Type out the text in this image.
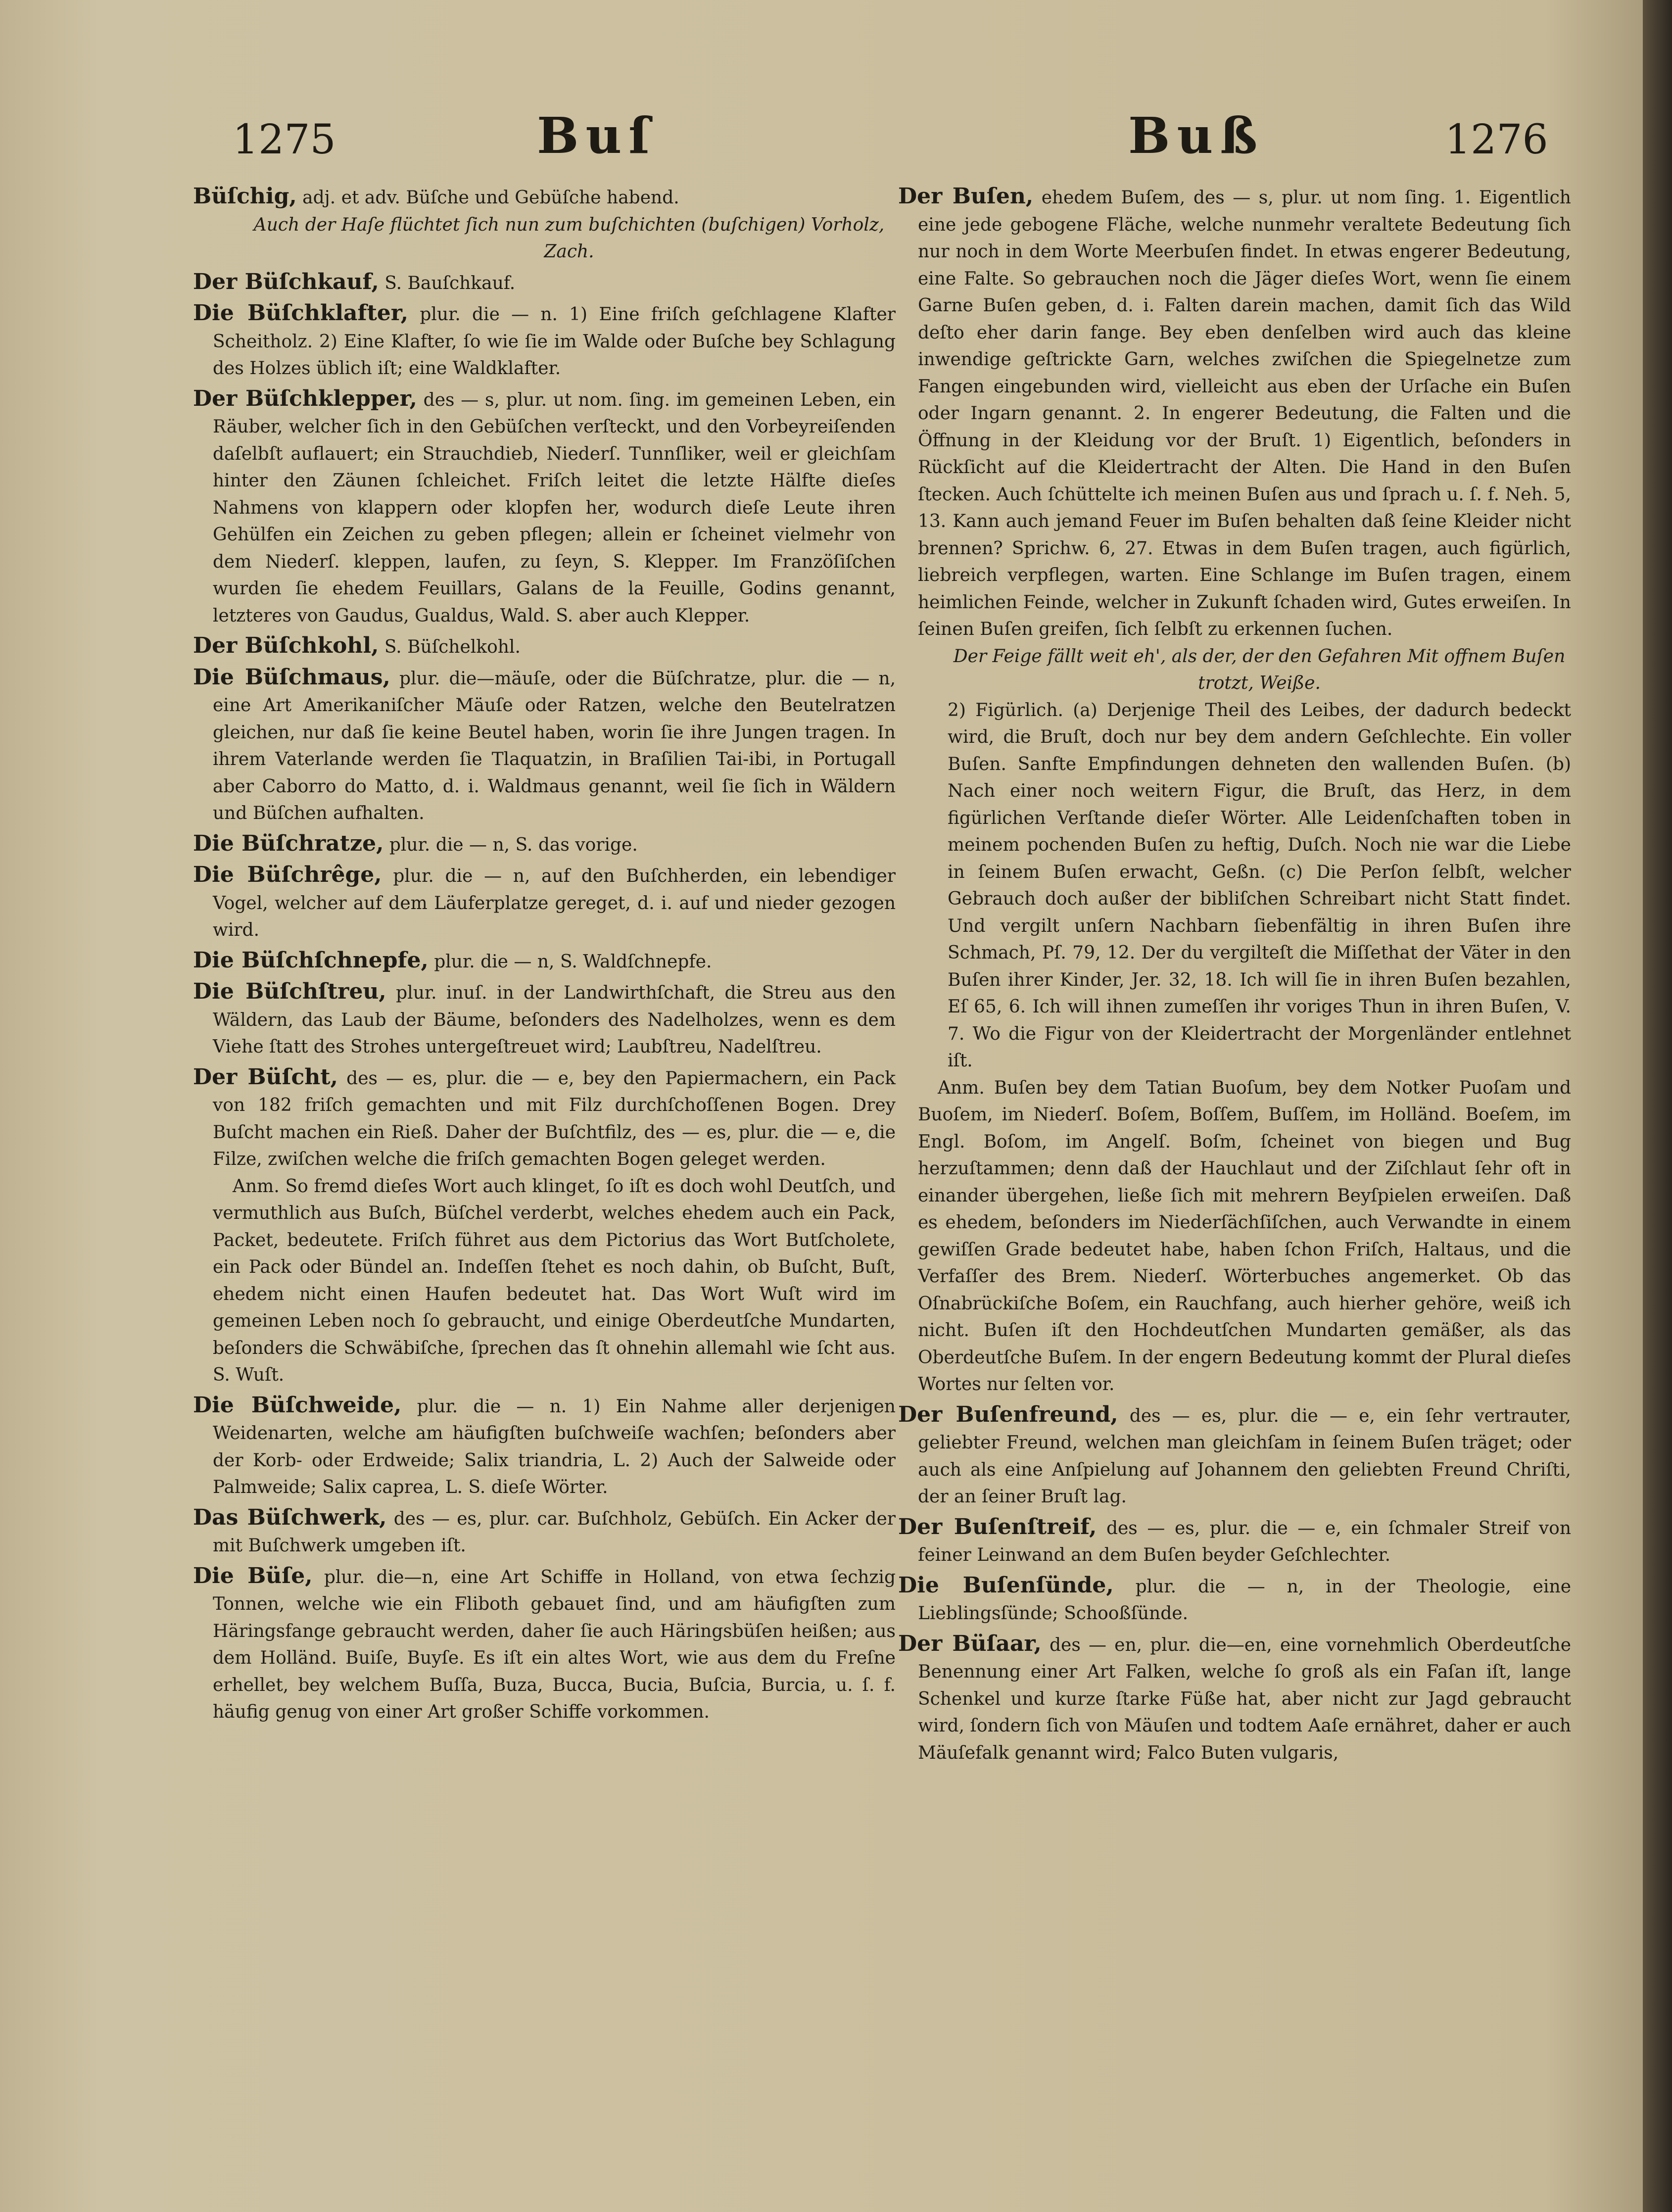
1275	Buſ	Buß	1276

Büſchig, adj. et adv. Büſche und Gebüſche habend.
Auch der Haſe flüchtet ſich nun zum buſchichten (buſchigen) Vorholz, Zach.

Der Büſchkauf, S. Bauſchkauf.

Die Büſchklafter, plur. die — n. 1) Eine friſch geſchlagene Klafter Scheitholz. 2) Eine Klafter, ſo wie ſie im Walde oder Buſche bey Schlagung des Holzes üblich iſt; eine Waldklafter.

Der Büſchklepper, des — s, plur. ut nom. ſing. im gemeinen Leben, ein Räuber, welcher ſich in den Gebüſchen verſteckt, und den Vorbeyreiſenden daſelbſt auflauert; ein Strauchdieb, Niederſ. Tunnſliker, weil er gleichſam hinter den Zäunen ſchleichet. Friſch leitet die letzte Hälfte dieſes Nahmens von klappern oder klopfen her, wodurch dieſe Leute ihren Gehülfen ein Zeichen zu geben pflegen; allein er ſcheinet vielmehr von dem Niederſ. kleppen, laufen, zu ſeyn, S. Klepper. Im Franzöſiſchen wurden ſie ehedem Feuillars, Galans de la Feuille, Godins genannt, letzteres von Gaudus, Gualdus, Wald. S. aber auch Klepper.

Der Büſchkohl, S. Büſchelkohl.

Die Büſchmaus, plur. die—mäuſe, oder die Büſchratze, plur. die — n, eine Art Amerikaniſcher Mäuſe oder Ratzen, welche den Beutelratzen gleichen, nur daß ſie keine Beutel haben, worin ſie ihre Jungen tragen. In ihrem Vaterlande werden ſie Tlaquatzin, in Braſilien Tai-ibi, in Portugall aber Caborro do Matto, d. i. Waldmaus genannt, weil ſie ſich in Wäldern und Büſchen aufhalten.

Die Büſchratze, plur. die — n, S. das vorige.

Die Büſchrêge, plur. die — n, auf den Buſchherden, ein lebendiger Vogel, welcher auf dem Läuferplatze gereget, d. i. auf und nieder gezogen wird.

Die Büſchſchnepfe, plur. die — n, S. Waldſchnepfe.

Die Büſchſtreu, plur. inuſ. in der Landwirthſchaft, die Streu aus den Wäldern, das Laub der Bäume, beſonders des Nadelholzes, wenn es dem Viehe ſtatt des Strohes untergeſtreuet wird; Laubſtreu, Nadelſtreu.

Der Büſcht, des — es, plur. die — e, bey den Papiermachern, ein Pack von 182 friſch gemachten und mit Filz durchſchoſſenen Bogen. Drey Buſcht machen ein Rieß. Daher der Buſchtfilz, des — es, plur. die — e, die Filze, zwiſchen welche die friſch gemachten Bogen geleget werden.
Anm. So fremd dieſes Wort auch klinget, ſo iſt es doch wohl Deutſch, und vermuthlich aus Buſch, Büſchel verderbt, welches ehedem auch ein Pack, Packet, bedeutete. Friſch führet aus dem Pictorius das Wort Butſcholete, ein Pack oder Bündel an. Indeſſen ſtehet es noch dahin, ob Buſcht, Buſt, ehedem nicht einen Haufen bedeutet hat. Das Wort Wuſt wird im gemeinen Leben noch ſo gebraucht, und einige Oberdeutſche Mundarten, beſonders die Schwäbiſche, ſprechen das ſt ohnehin allemahl wie ſcht aus. S. Wuſt.

Die Büſchweide, plur. die — n. 1) Ein Nahme aller derjenigen Weidenarten, welche am häufigſten buſchweiſe wachſen; beſonders aber der Korb- oder Erdweide; Salix triandria, L. 2) Auch der Salweide oder Palmweide; Salix caprea, L. S. dieſe Wörter.

Das Büſchwerk, des — es, plur. car. Buſchholz, Gebüſch. Ein Acker der mit Buſchwerk umgeben iſt.

Die Büſe, plur. die—n, eine Art Schiffe in Holland, von etwa ſechzig Tonnen, welche wie ein Fliboth gebauet ſind, und am häufigſten zum Häringsfange gebraucht werden, daher ſie auch Häringsbüſen heißen; aus dem Holländ. Buiſe, Buyſe. Es iſt ein altes Wort, wie aus dem du Freſne erhellet, bey welchem Buſſa, Buza, Bucca, Bucia, Buſcia, Burcia, u. ſ. f. häufig genug von einer Art großer Schiffe vorkommen.

Der Buſen, ehedem Buſem, des — s, plur. ut nom ſing. 1. Eigentlich eine jede gebogene Fläche, welche nunmehr veraltete Bedeutung ſich nur noch in dem Worte Meerbuſen findet. In etwas engerer Bedeutung, eine Falte. So gebrauchen noch die Jäger dieſes Wort, wenn ſie einem Garne Buſen geben, d. i. Falten darein machen, damit ſich das Wild deſto eher darin fange. Bey eben denſelben wird auch das kleine inwendige geſtrickte Garn, welches zwiſchen die Spiegelnetze zum Fangen eingebunden wird, vielleicht aus eben der Urſache ein Buſen oder Ingarn genannt. 2. In engerer Bedeutung, die Falten und die Öffnung in der Kleidung vor der Bruſt. 1) Eigentlich, beſonders in Rückſicht auf die Kleidertracht der Alten. Die Hand in den Buſen ſtecken. Auch ſchüttelte ich meinen Buſen aus und ſprach u. ſ. f. Neh. 5, 13. Kann auch jemand Feuer im Buſen behalten daß ſeine Kleider nicht brennen? Sprichw. 6, 27. Etwas in dem Buſen tragen, auch figürlich, liebreich verpflegen, warten. Eine Schlange im Buſen tragen, einem heimlichen Feinde, welcher in Zukunft ſchaden wird, Gutes erweiſen. In ſeinen Buſen greifen, ſich ſelbſt zu erkennen ſuchen.
Der Feige fällt weit eh', als der, der den Gefahren Mit offnem Buſen trotzt, Weiße.
2) Figürlich. (a) Derjenige Theil des Leibes, der dadurch bedeckt wird, die Bruſt, doch nur bey dem andern Geſchlechte. Ein voller Buſen. Sanfte Empfindungen dehneten den wallenden Buſen. (b) Nach einer noch weitern Figur, die Bruſt, das Herz, in dem figürlichen Verſtande dieſer Wörter. Alle Leidenſchaften toben in meinem pochenden Buſen zu heftig, Duſch. Noch nie war die Liebe in ſeinem Buſen erwacht, Geßn. (c) Die Perſon ſelbſt, welcher Gebrauch doch außer der bibliſchen Schreibart nicht Statt findet. Und vergilt unſern Nachbarn ſiebenfältig in ihren Buſen ihre Schmach, Pſ. 79, 12. Der du vergilteſt die Miſſethat der Väter in den Buſen ihrer Kinder, Jer. 32, 18. Ich will ſie in ihren Buſen bezahlen, Eſ 65, 6. Ich will ihnen zumeſſen ihr voriges Thun in ihren Buſen, V. 7. Wo die Figur von der Kleidertracht der Morgenländer entlehnet iſt.
Anm. Buſen bey dem Tatian Buoſum, bey dem Notker Puoſam und Buoſem, im Niederſ. Boſem, Boſſem, Buſſem, im Holländ. Boeſem, im Engl. Boſom, im Angelſ. Boſm, ſcheinet von biegen und Bug herzuſtammen; denn daß der Hauchlaut und der Ziſchlaut ſehr oft in einander übergehen, ließe ſich mit mehrern Beyſpielen erweiſen. Daß es ehedem, beſonders im Niederſächſiſchen, auch Verwandte in einem gewiſſen Grade bedeutet habe, haben ſchon Friſch, Haltaus, und die Verfaſſer des Brem. Niederſ. Wörterbuches angemerket. Ob das Oſnabrückiſche Boſem, ein Rauchfang, auch hierher gehöre, weiß ich nicht. Buſen iſt den Hochdeutſchen Mundarten gemäßer, als das Oberdeutſche Buſem. In der engern Bedeutung kommt der Plural dieſes Wortes nur ſelten vor.

Der Buſenfreund, des — es, plur. die — e, ein ſehr vertrauter, geliebter Freund, welchen man gleichſam in ſeinem Buſen träget; oder auch als eine Anſpielung auf Johannem den geliebten Freund Chriſti, der an ſeiner Bruſt lag.

Der Buſenſtreif, des — es, plur. die — e, ein ſchmaler Streif von feiner Leinwand an dem Buſen beyder Geſchlechter.

Die Buſenſünde, plur. die — n, in der Theologie, eine Lieblingsſünde; Schooßſünde.

Der Büſaar, des — en, plur. die—en, eine vornehmlich Oberdeutſche Benennung einer Art Falken, welche ſo groß als ein Faſan iſt, lange Schenkel und kurze ſtarke Füße hat, aber nicht zur Jagd gebraucht wird, ſondern ſich von Mäuſen und todtem Aaſe ernähret, daher er auch Mäuſefalk genannt wird; Falco Buten vulgaris,
